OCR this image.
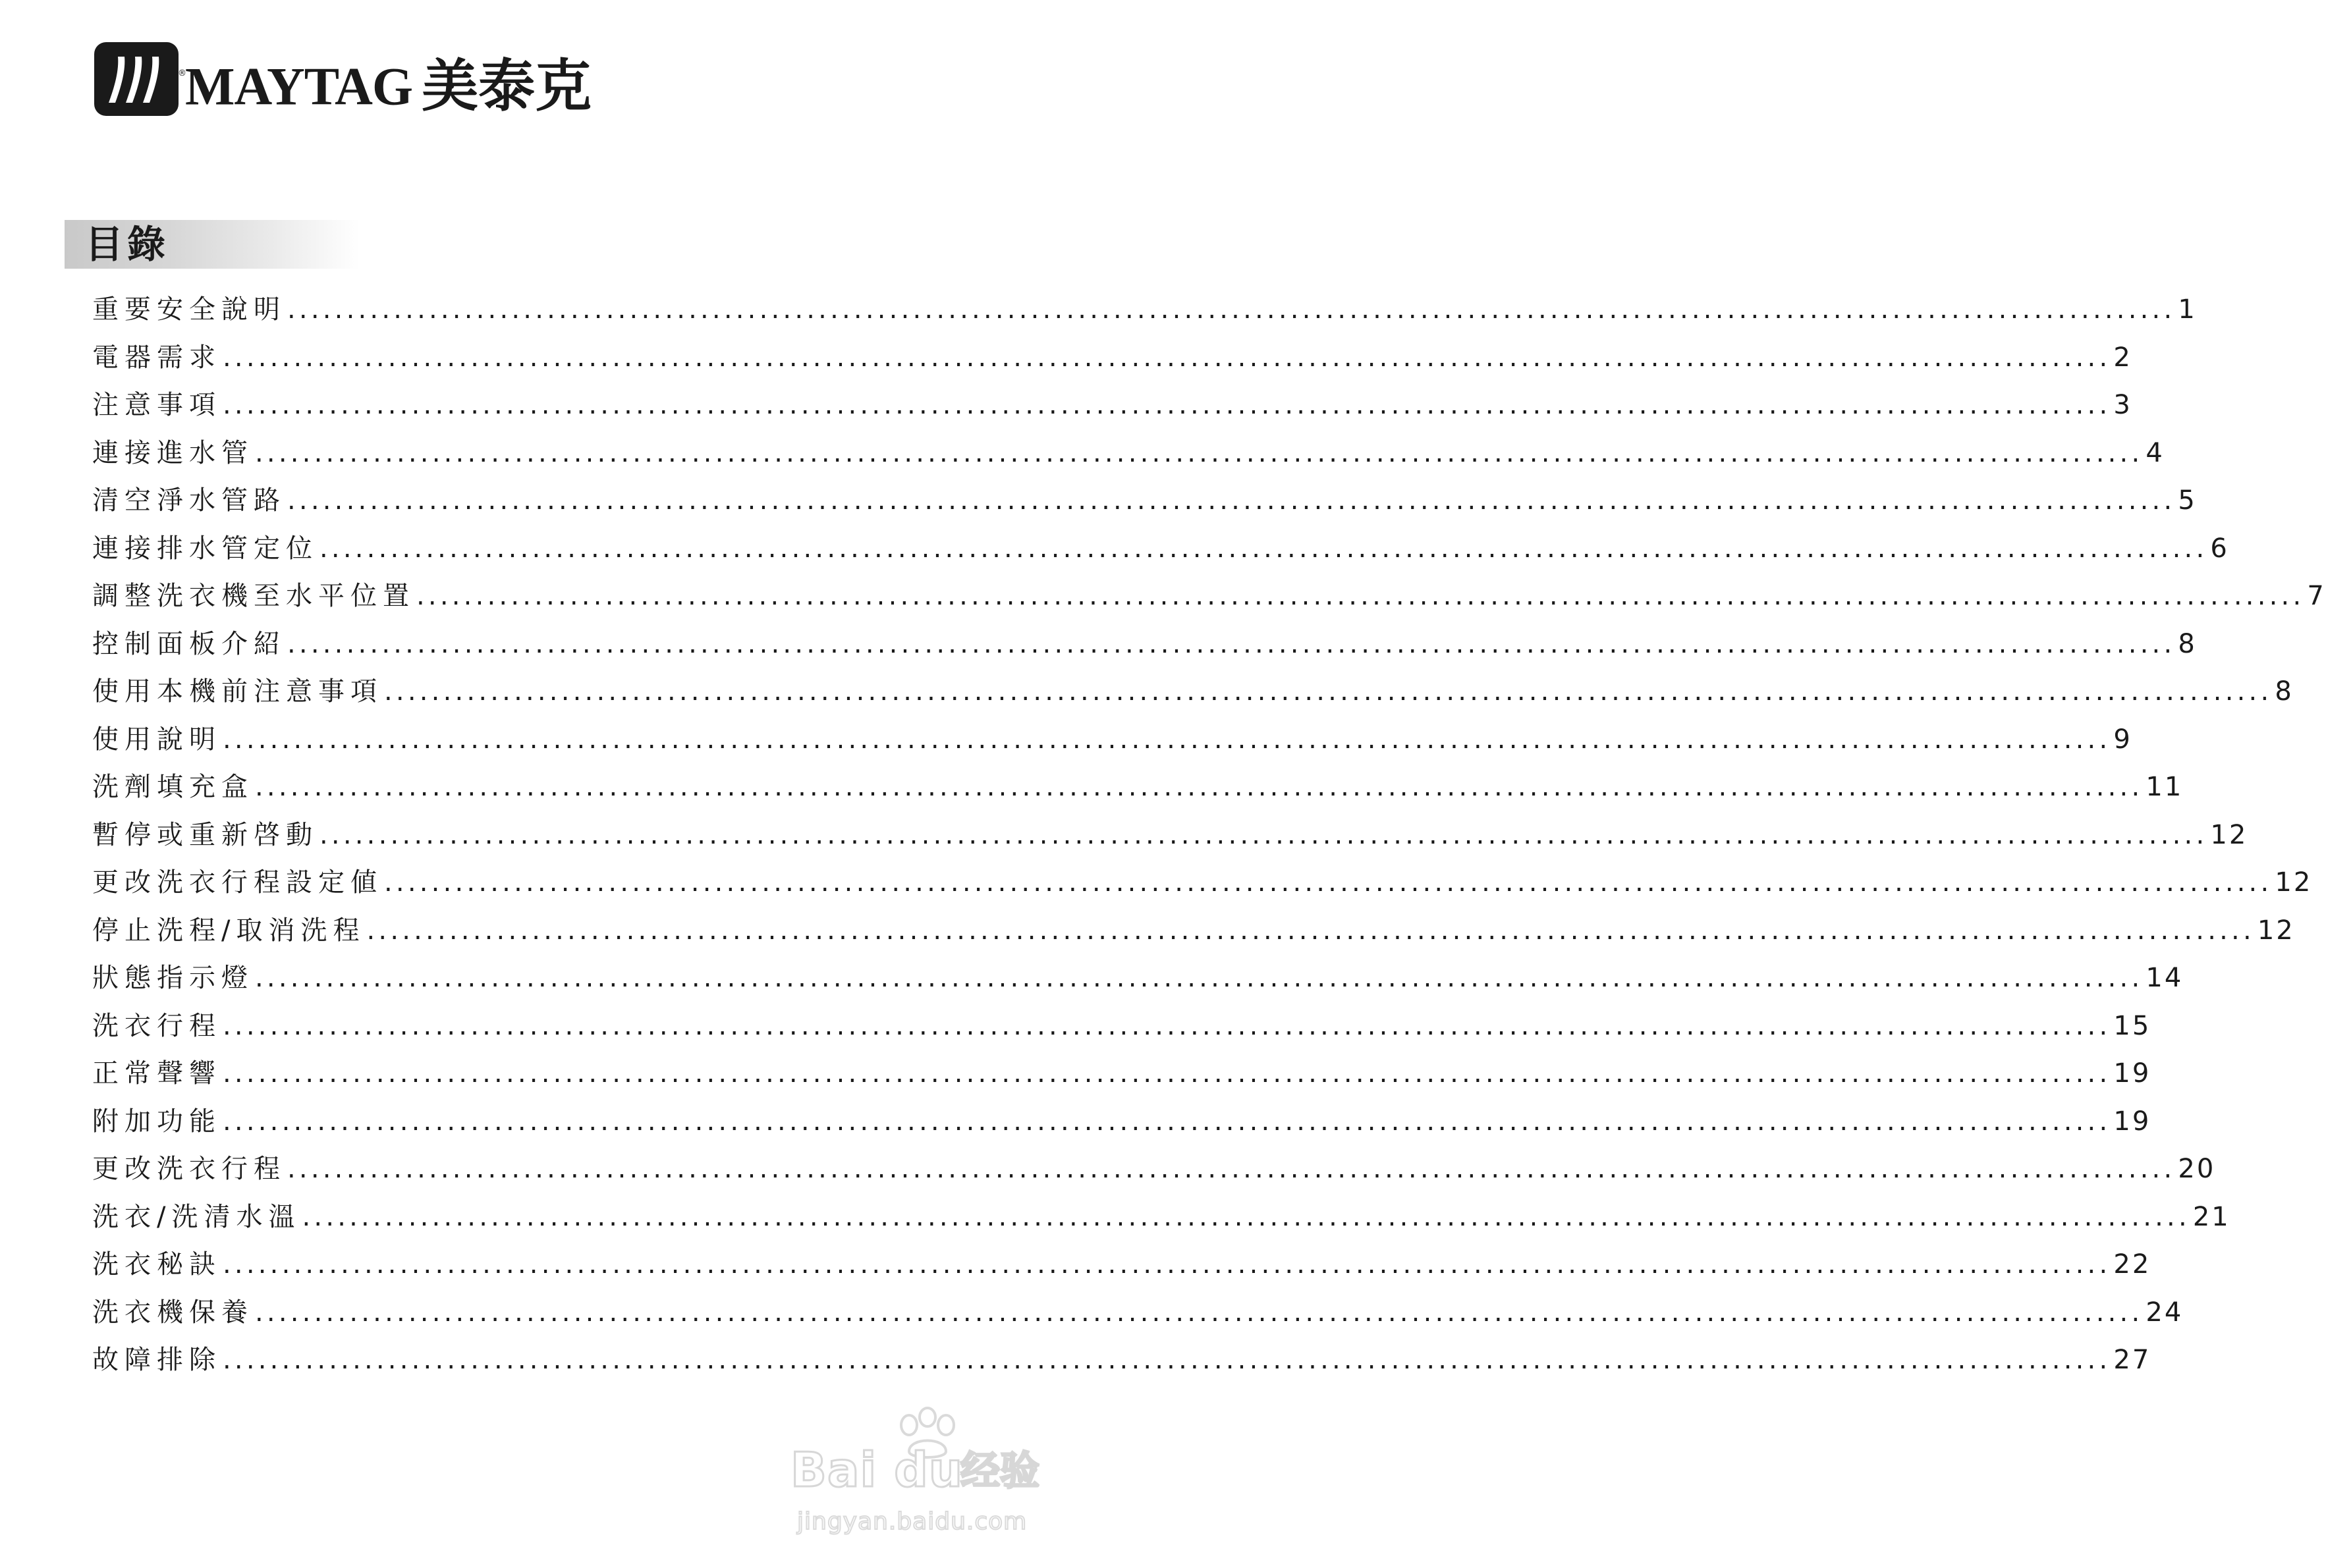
MAYTAG 美泰克
®
目錄
重要安全說明 ................................................................................................................................................................ 1
電器需求 ................................................................................................................................................................ 2
注意事項 ................................................................................................................................................................ 3
連接進水管 ................................................................................................................................................................ 4
清空淨水管路 ................................................................................................................................................................ 5
連接排水管定位 ................................................................................................................................................................ 6
調整洗衣機至水平位置 ................................................................................................................................................................ 7
控制面板介紹 ................................................................................................................................................................ 8
使用本機前注意事項 ................................................................................................................................................................ 8
使用說明 ................................................................................................................................................................ 9
洗劑填充盒 ................................................................................................................................................................ 11
暫停或重新啓動 ................................................................................................................................................................ 12
更改洗衣行程設定値 ................................................................................................................................................................ 12
停止洗程/取消洗程 ................................................................................................................................................................ 12
狀態指示燈 ................................................................................................................................................................ 14
洗衣行程 ................................................................................................................................................................ 15
正常聲響 ................................................................................................................................................................ 19
附加功能 ................................................................................................................................................................ 19
更改洗衣行程 ................................................................................................................................................................ 20
洗衣/洗清水溫 ................................................................................................................................................................ 21
洗衣秘訣 ................................................................................................................................................................ 22
洗衣機保養 ................................................................................................................................................................ 24
故障排除 ................................................................................................................................................................ 27
Bai du
经验
jingyan.baidu.com
